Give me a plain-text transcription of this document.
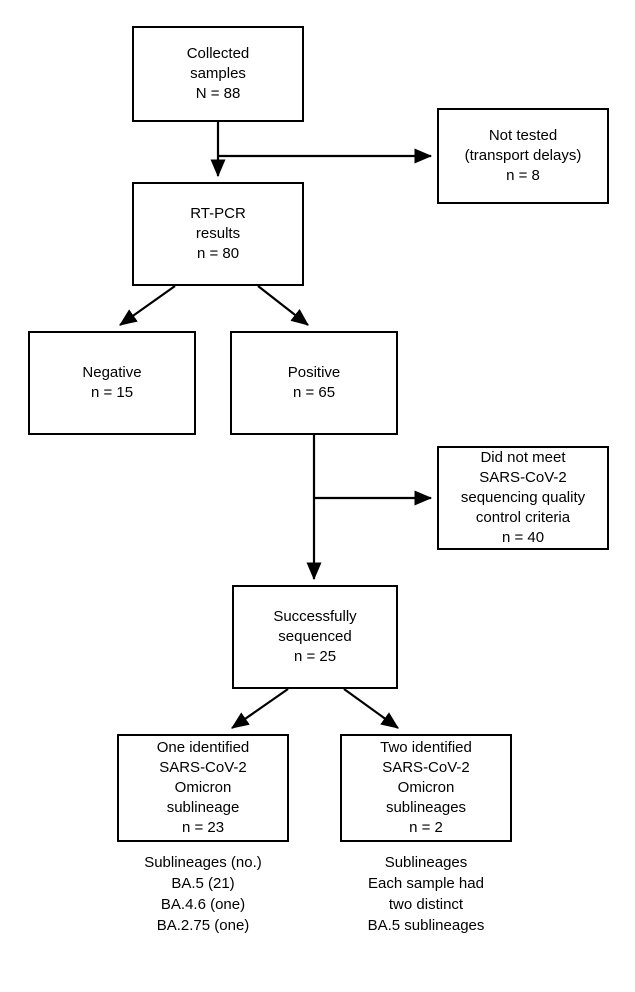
Collected
samples
N = 88
Not tested
(transport delays)
n = 8
RT-PCR
results
n = 80
Negative
n = 15
Positive
n = 65
Did not meet
SARS-CoV-2
sequencing quality
control criteria
n = 40
Successfully
sequenced
n = 25
One identified
SARS-CoV-2
Omicron
sublineage
n = 23
Two identified
SARS-CoV-2
Omicron
sublineages
n = 2
Sublineages (no.)
BA.5 (21)
BA.4.6 (one)
BA.2.75 (one)
Sublineages
Each sample had
two distinct
BA.5 sublineages
